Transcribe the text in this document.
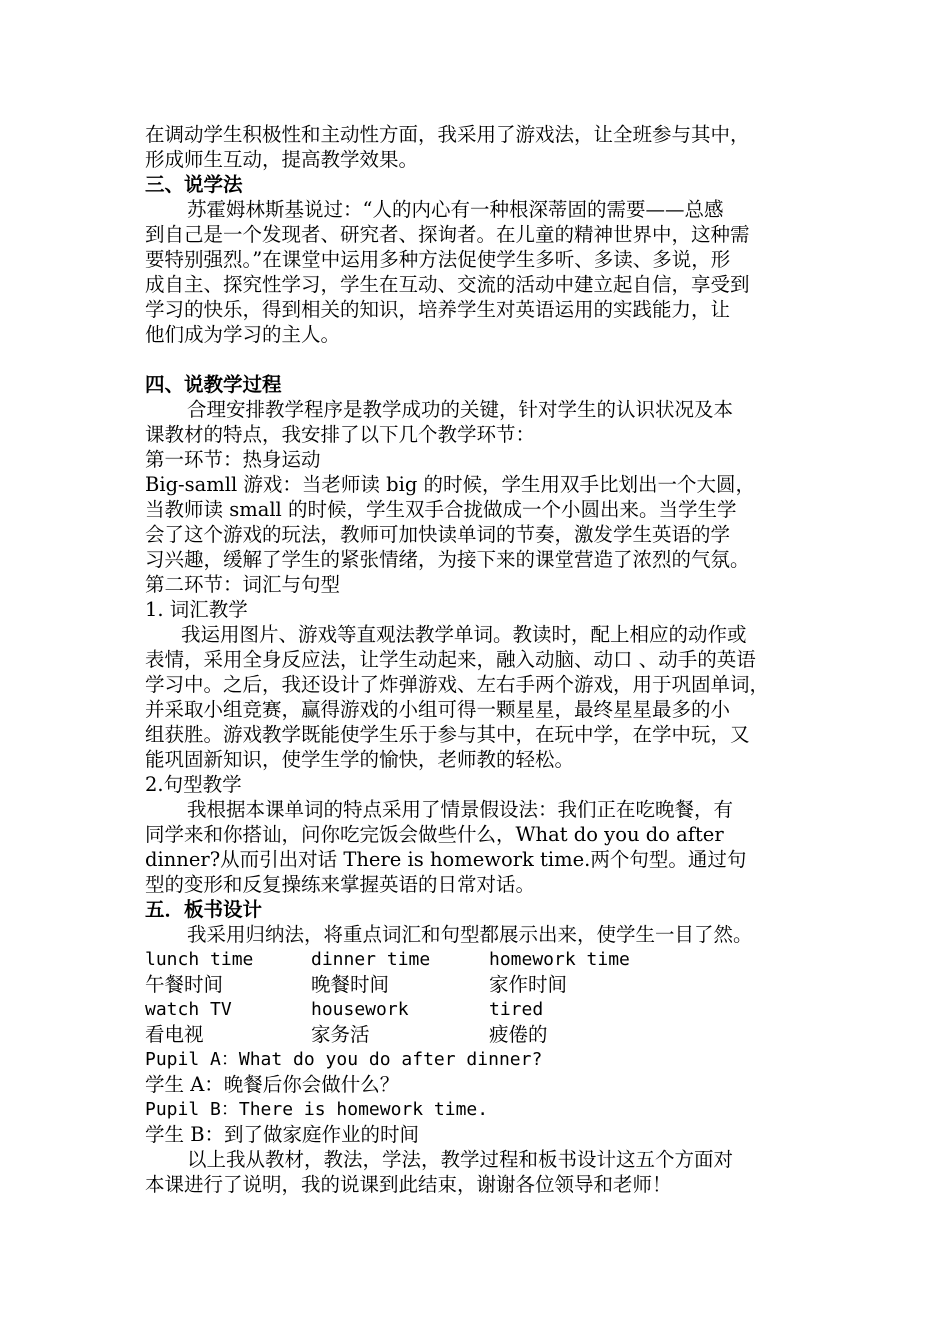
在调动学生积极性和主动性方面，我采用了游戏法，让全班参与其中，
形成师生互动，提高教学效果。
三、说学法
苏霍姆林斯基说过：“人的内心有一种根深蒂固的需要——总感
到自己是一个发现者、研究者、探询者。在儿童的精神世界中，这种需
要特别强烈。”在课堂中运用多种方法促使学生多听、多读、多说，形
成自主、探究性学习，学生在互动、交流的活动中建立起自信，享受到
学习的快乐，得到相关的知识，培养学生对英语运用的实践能力，让
他们成为学习的主人。
四、说教学过程
合理安排教学程序是教学成功的关键，针对学生的认识状况及本
课教材的特点，我安排了以下几个教学环节：
第一环节：热身运动
Big-samll 游戏：当老师读 big 的时候，学生用双手比划出一个大圆，
当教师读 small 的时候，学生双手合拢做成一个小圆出来。当学生学
会了这个游戏的玩法，教师可加快读单词的节奏，激发学生英语的学
习兴趣，缓解了学生的紧张情绪，为接下来的课堂营造了浓烈的气氛。
第二环节：词汇与句型
1. 词汇教学
我运用图片、游戏等直观法教学单词。教读时，配上相应的动作或
表情，采用全身反应法，让学生动起来，融入动脑、动口 、动手的英语
学习中。之后，我还设计了炸弹游戏、左右手两个游戏，用于巩固单词，
并采取小组竞赛，赢得游戏的小组可得一颗星星，最终星星最多的小
组获胜。游戏教学既能使学生乐于参与其中，在玩中学，在学中玩，又
能巩固新知识，使学生学的愉快，老师教的轻松。
2.句型教学
我根据本课单词的特点采用了情景假设法：我们正在吃晚餐，有
同学来和你搭讪，问你吃完饭会做些什么，What do you do after
dinner?从而引出对话 There is homework time.两个句型。通过句
型的变形和反复操练来掌握英语的日常对话。
五．板书设计
我采用归纳法，将重点词汇和句型都展示出来，使学生一目了然。
lunch time	dinner time	homework time
午餐时间	晚餐时间	家作时间
watch TV	housework	tired
看电视	家务活	疲倦的
Pupil A：What do you do after dinner?
学生 A：晚餐后你会做什么？
Pupil B：There is homework time.
学生 B：到了做家庭作业的时间
以上我从教材，教法，学法，教学过程和板书设计这五个方面对
本课进行了说明，我的说课到此结束，谢谢各位领导和老师！
